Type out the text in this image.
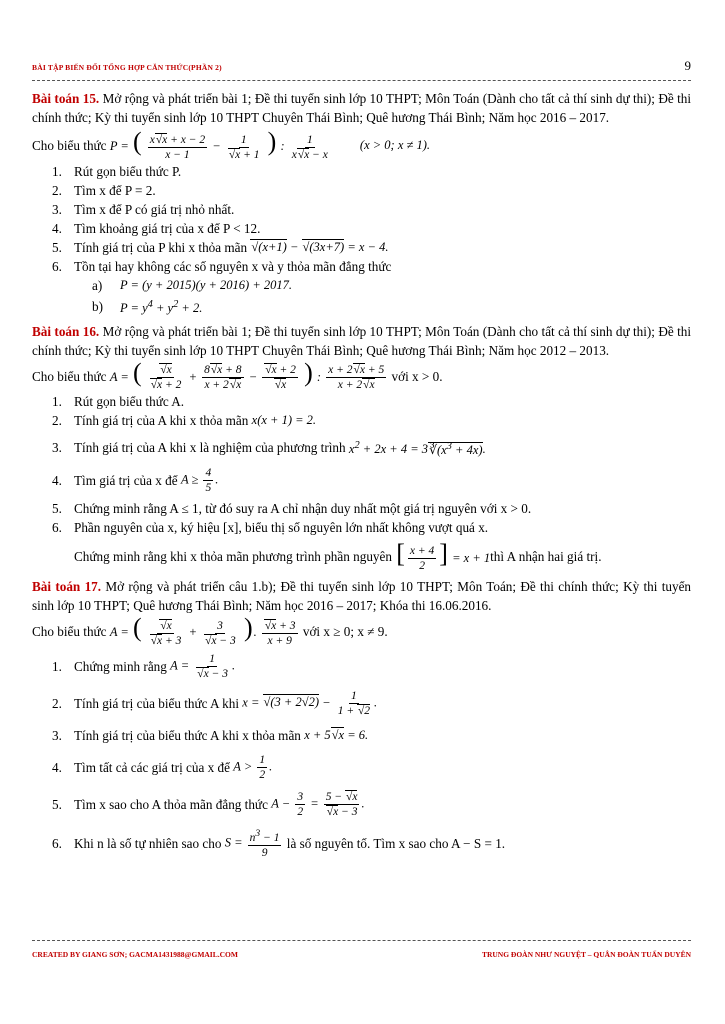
BÀI TẬP BIẾN ĐỔI TỔNG HỢP CĂN THỨC(PHẦN 2)	9

Bài toán 15. Mở rộng và phát triển bài 1; Đề thi tuyển sinh lớp 10 THPT; Môn Toán (Dành cho tất cả thí sinh dự thi); Đề thi chính thức; Kỳ thi tuyển sinh lớp 10 THPT Chuyên Thái Bình; Quê hương Thái Bình; Năm học 2016 – 2017.

Cho biểu thức
P = ( $\frac{x√x + x - 2}{x - 1} - \frac{1}{√x + 1}$ ) : $\frac{1}{x√x - x} (x > 0$; x ≠ 1).
1. Rút gọn biểu thức P.
2. Tìm x để P = 2.
3. Tìm x để P có giá trị nhỏ nhất.
4. Tìm khoảng giá trị của x để P < 12.
5. Tính giá trị của P khi x thỏa mãn
√(x+1) − √(3x+7) = x − 4.
6. Tồn tại hay không các số nguyên x và y thỏa mãn đẳng thức
a)	P = (y + 2015)(y + 2016) + 2017.
b)	$P = y^4 + y^2 + 2$.

Bài toán 16. Mở rộng và phát triển bài 1; Đề thi tuyển sinh lớp 10 THPT; Môn Toán (Dành cho tất cả thí sinh dự thi); Đề thi chính thức; Kỳ thi tuyển sinh lớp 10 THPT Chuyên Thái Bình; Quê hương Thái Bình; Năm học 2012 – 2013.

Cho biểu thức
A = ( $\frac{√x}{√x + 2} + \frac{8√x + 8}{x + 2√x} - \frac{√x + 2}{√x}$ ) : $\frac{x + 2√x + 5}{x + 2√x}$
với x > 0.
1. Rút gọn biểu thức A.
2. Tính giá trị của A khi x thỏa mãn
x(x + 1) = 2.
3. Tính giá trị của A khi x là nghiệm của phương trình
$x^2 + 2x + 4$ = $3∛(x^3 + 4x)$.
4. Tìm giá trị của x để
$A \ge \frac{4}{5}$ .
5. Chứng minh rằng A ≤ 1, từ đó suy ra A chỉ nhận duy nhất một giá trị nguyên với x > 0.
6. Phần nguyên của x, ký hiệu [x], biểu thị số nguyên lớn nhất không vượt quá x.
Chứng minh rằng khi x thỏa mãn phương trình phần nguyên
[ $\frac{x + 4}{2}$ ] = x + 1 thì A nhận hai giá trị.

Bài toán 17. Mở rộng và phát triển câu 1.b); Đề thi tuyển sinh lớp 10 THPT; Môn Toán; Đề thi chính thức; Kỳ thi tuyển sinh lớp 10 THPT; Quê hương Thái Bình; Năm học 2016 – 2017; Khóa thi 16.06.2016.

Cho biểu thức
A = ( $\frac{√x}{√x + 3} + \frac{3}{√x - 3}$ ). $\frac{√x + 3}{x + 9}$
với x ≥ 0; x ≠ 9.
1. Chứng minh rằng
$A = \frac{1}{√x - 3}$ .
2. Tính giá trị của biểu thức A khi
$x = √(3 + 2√2) - \frac{1}{1 + √2}$ .
3. Tính giá trị của biểu thức A khi x thỏa mãn
x + 5√x = 6.
4. Tìm tất cả các giá trị của x để
$A > \frac{1}{2}$ .
5. Tìm x sao cho A thỏa mãn đẳng thức
$A - \frac{3}{2} = \frac{5 - √x}{√x - 3}$ .
6. Khi n là số tự nhiên sao cho
$S = \frac{n^3 - 1}{9}$
là số nguyên tố. Tìm x sao cho A − S = 1.
CREATED BY GIANG SƠN; GACMA1431988@GMAIL.COM	TRUNG ĐOÀN NHƯ NGUYỆT – QUÂN ĐOÀN TUẤN DUYÊN
